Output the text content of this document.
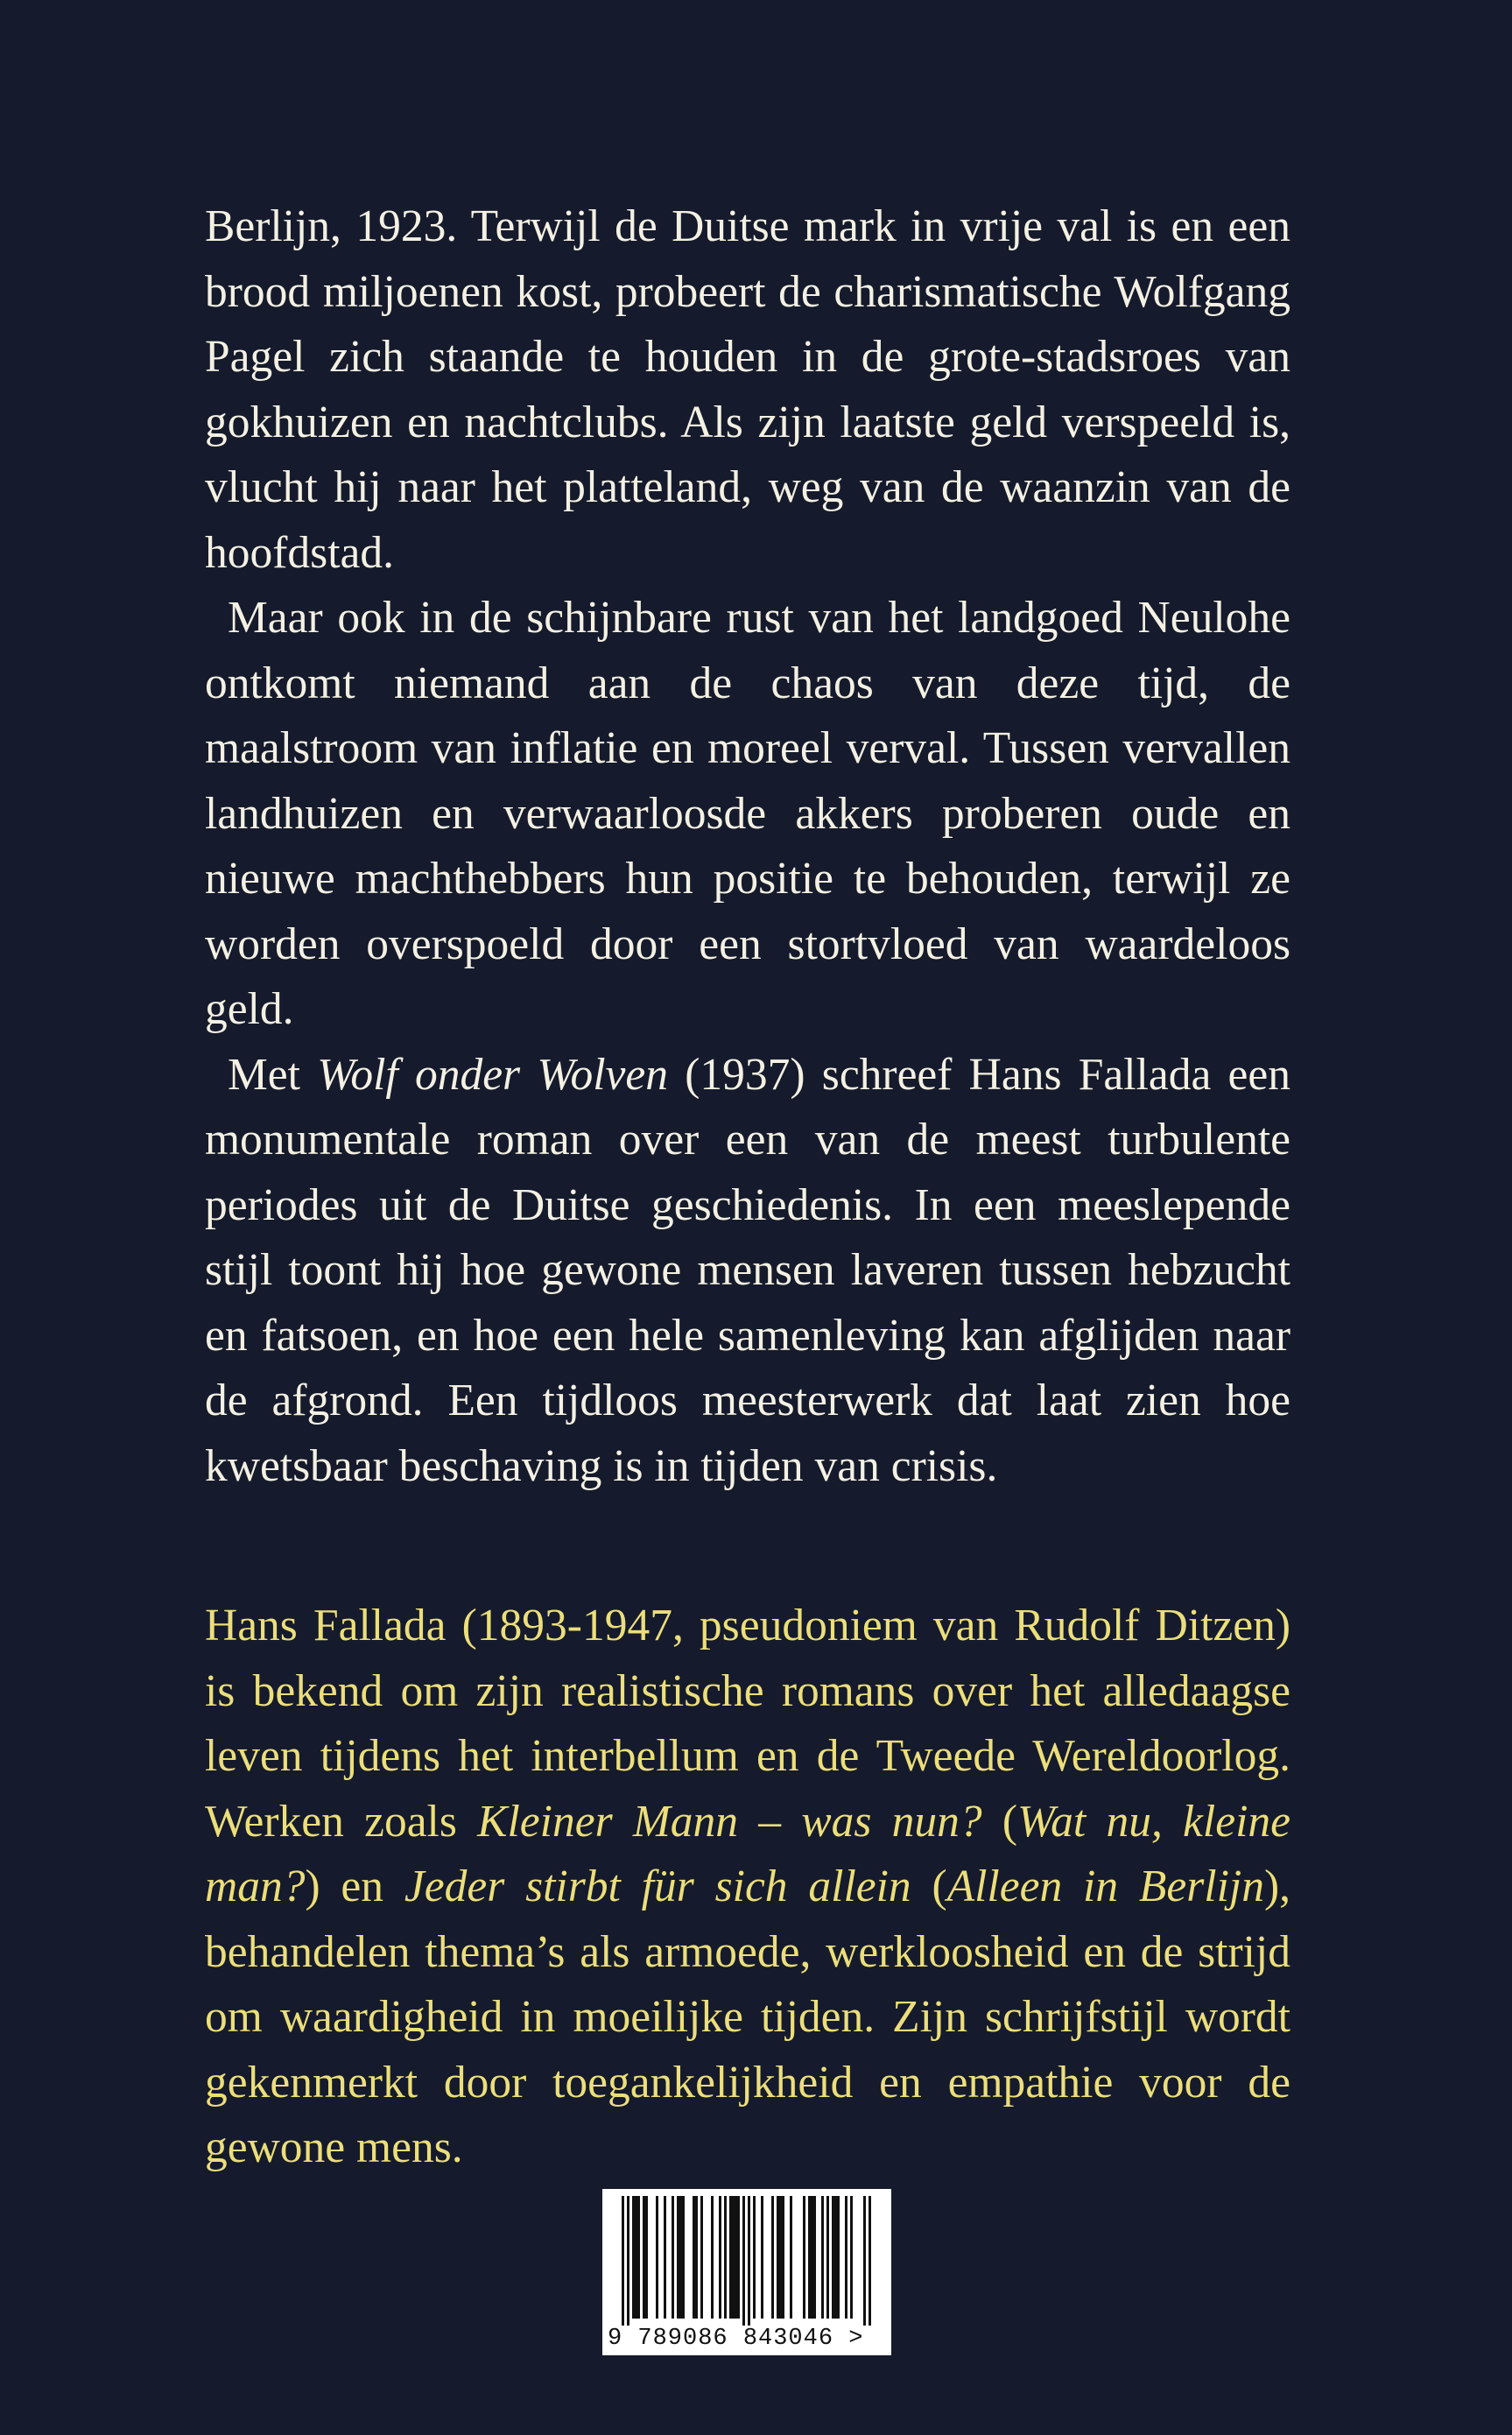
Berlijn, 1923. Terwijl de Duitse mark in vrije val is en een brood miljoenen kost, probeert de charismatische Wolfgang Pagel zich staande te houden in de grote-stadsroes van gokhuizen en nachtclubs. Als zijn laatste geld verspeeld is, vlucht hij naar het platteland, weg van de waanzin van de hoofdstad.

Maar ook in de schijnbare rust van het landgoed Neulohe ontkomt niemand aan de chaos van deze tijd, de maalstroom van inflatie en moreel verval. Tussen vervallen landhuizen en verwaarloosde akkers proberen oude en nieuwe machthebbers hun positie te behouden, terwijl ze worden overspoeld door een stortvloed van waardeloos geld.

Met Wolf onder Wolven (1937) schreef Hans Fallada een monumentale roman over een van de meest turbulente periodes uit de Duitse geschiedenis. In een meeslepende stijl toont hij hoe gewone mensen laveren tussen hebzucht en fatsoen, en hoe een hele samenleving kan afglijden naar de afgrond. Een tijdloos meesterwerk dat laat zien hoe kwetsbaar beschaving is in tijden van crisis.

Hans Fallada (1893-1947, pseudoniem van Rudolf Ditzen) is bekend om zijn realistische romans over het alledaagse leven tijdens het interbellum en de Tweede Wereldoorlog. Werken zoals Kleiner Mann – was nun? (Wat nu, kleine man?) en Jeder stirbt für sich allein (Alleen in Berlijn), behandelen thema’s als armoede, werkloosheid en de strijd om waardigheid in moeilijke tijden. Zijn schrijfstijl wordt gekenmerkt door toegankelijkheid en empathie voor de gewone mens.

9 789086 843046 >
